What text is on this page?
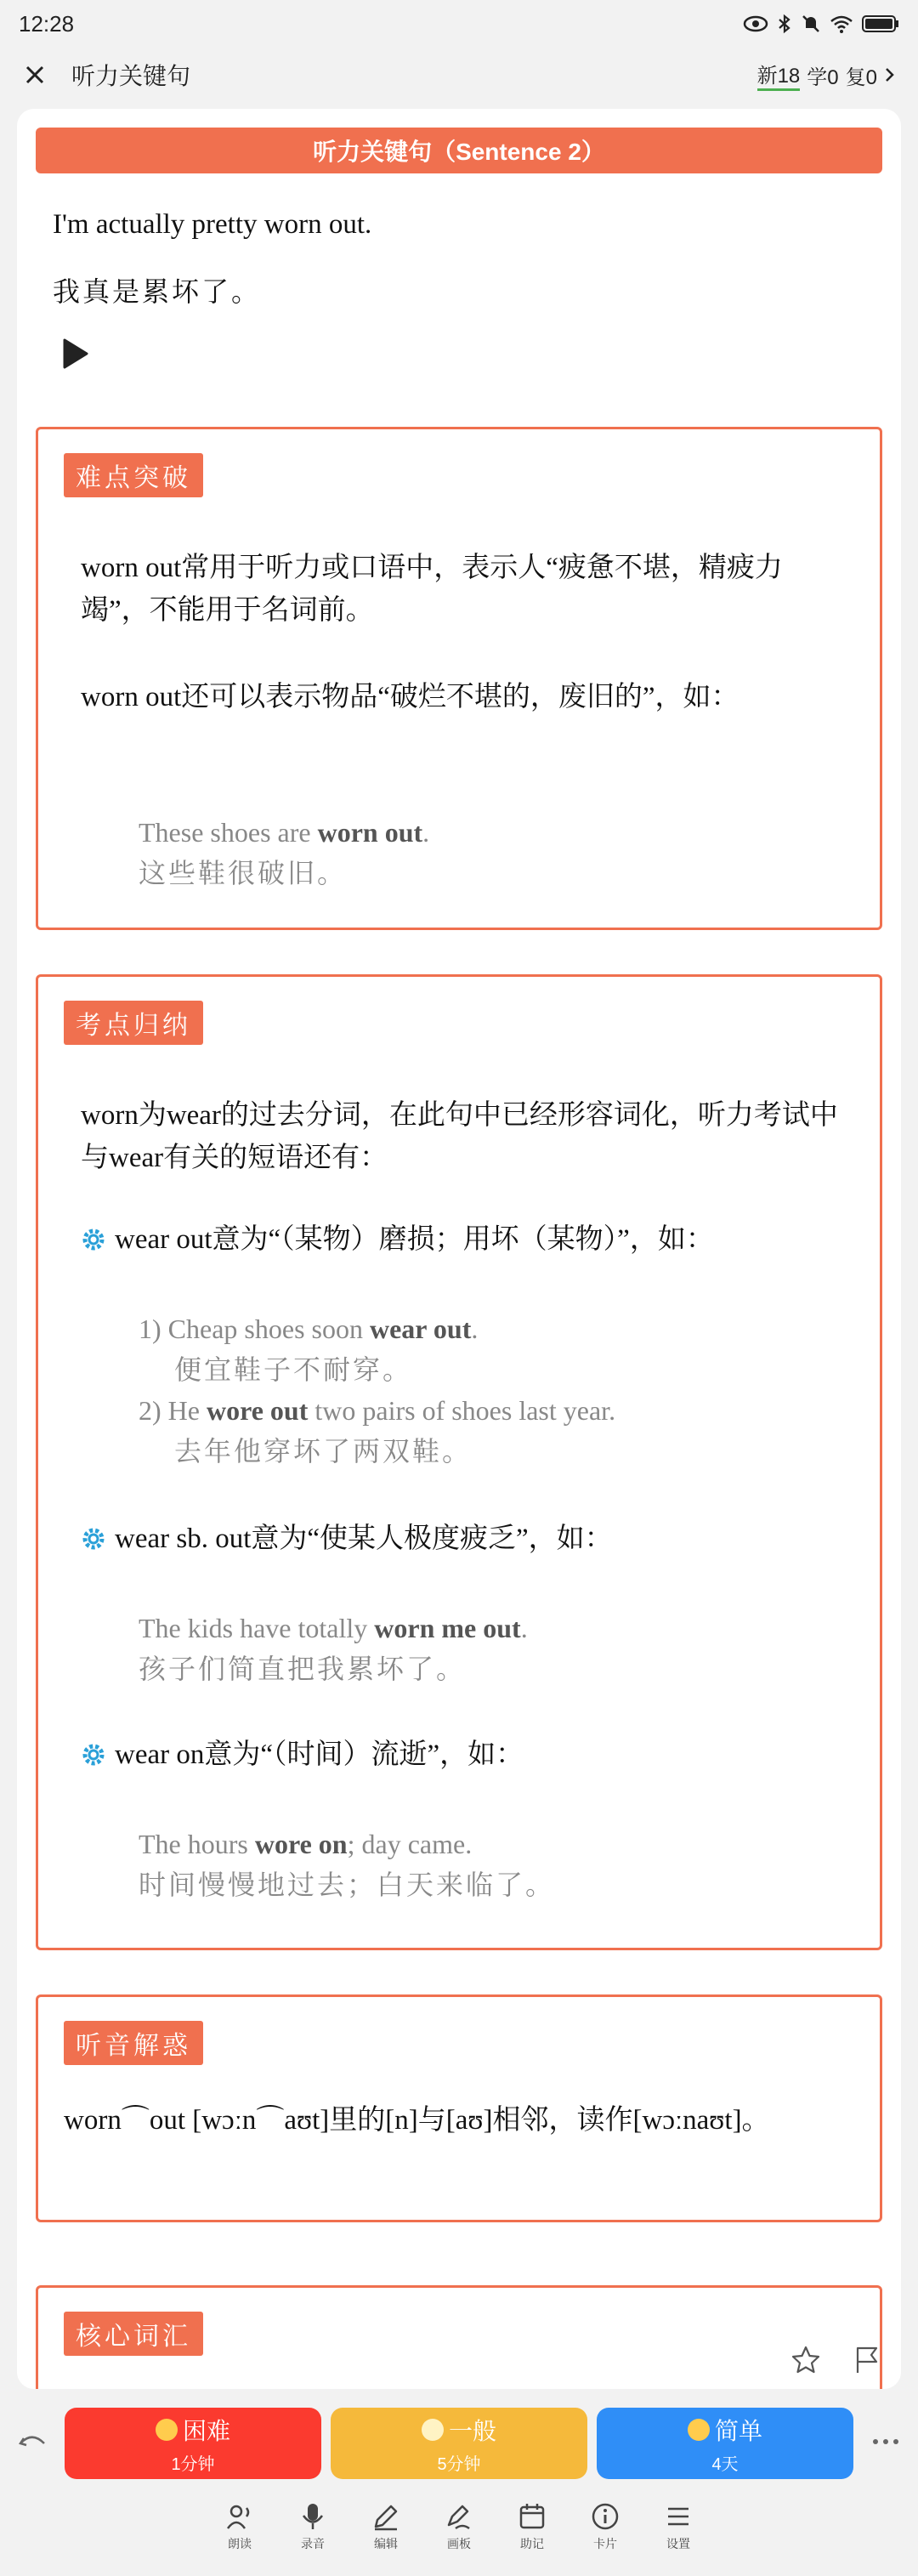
12:28
听力关键句	新18 学0 复0
听力关键句（Sentence 2）
I'm actually pretty worn out.
我真是累坏了。
难点突破
worn out常用于听力或口语中，表示人“疲惫不堪，精疲力竭”，不能用于名词前。
worn out还可以表示物品“破烂不堪的，废旧的”，如：
These shoes are worn out.
这些鞋很破旧。
考点归纳
worn为wear的过去分词，在此句中已经形容词化，听力考试中与wear有关的短语还有：
wear out意为“（某物）磨损；用坏（某物）”，如：
1) Cheap shoes soon wear out.
便宜鞋子不耐穿。
2) He wore out two pairs of shoes last year.
去年他穿坏了两双鞋。
wear sb. out意为“使某人极度疲乏”，如：
The kids have totally worn me out.
孩子们简直把我累坏了。
wear on意为“（时间）流逝”，如：
The hours wore on; day came.
时间慢慢地过去；白天来临了。
听音解惑
worn⌒out [wɔːn⌒aʊt]里的[n]与[aʊ]相邻，读作[wɔːnaʊt]。
核心词汇
困难
1分钟
一般
5分钟
简单
4天
朗读	录音	编辑	画板	助记	卡片	设置
